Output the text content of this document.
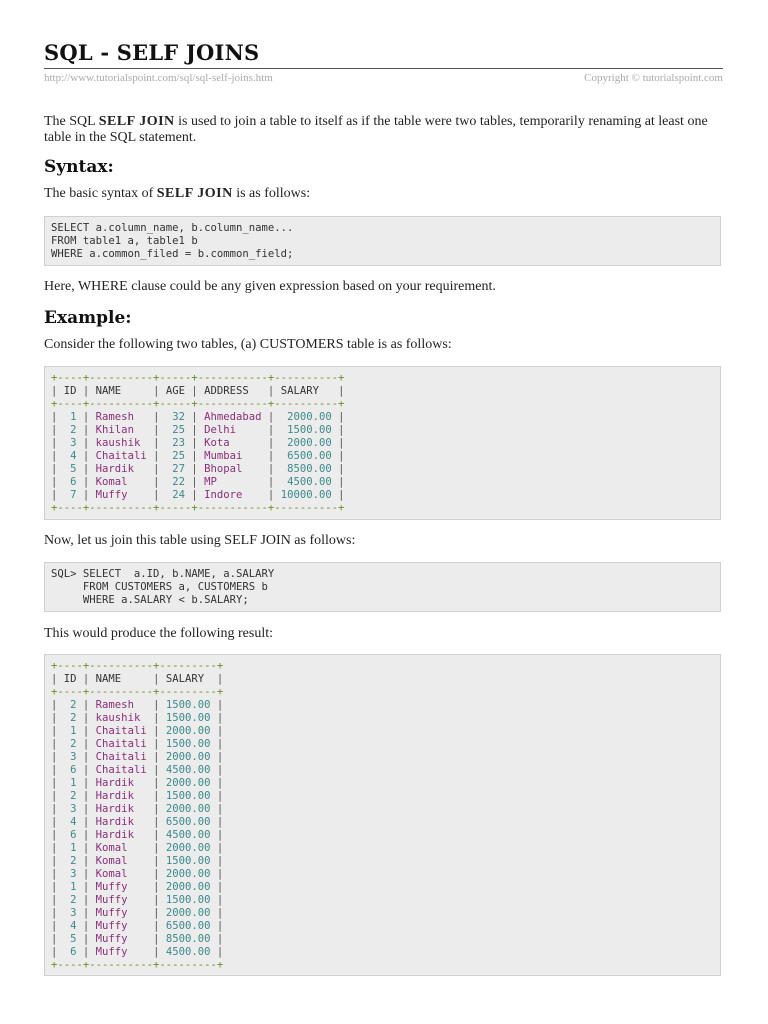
SQL - SELF JOINS
http://www.tutorialspoint.com/sql/sql-self-joins.htm	Copyright © tutorialspoint.com

The SQL SELF JOIN is used to join a table to itself as if the table were two tables, temporarily renaming at least one table in the SQL statement.

Syntax:

The basic syntax of SELF JOIN is as follows:

SELECT a.column_name, b.column_name...
FROM table1 a, table1 b
WHERE a.common_filed = b.common_field;

Here, WHERE clause could be any given expression based on your requirement.

Example:

Consider the following two tables, (a) CUSTOMERS table is as follows:

+----+----------+-----+-----------+----------+
| ID | NAME     | AGE | ADDRESS   | SALARY   |
+----+----------+-----+-----------+----------+
|  1 | Ramesh   |  32 | Ahmedabad |  2000.00 |
|  2 | Khilan   |  25 | Delhi     |  1500.00 |
|  3 | kaushik  |  23 | Kota      |  2000.00 |
|  4 | Chaitali |  25 | Mumbai    |  6500.00 |
|  5 | Hardik   |  27 | Bhopal    |  8500.00 |
|  6 | Komal    |  22 | MP        |  4500.00 |
|  7 | Muffy    |  24 | Indore    | 10000.00 |
+----+----------+-----+-----------+----------+

Now, let us join this table using SELF JOIN as follows:

SQL> SELECT  a.ID, b.NAME, a.SALARY
FROM CUSTOMERS a, CUSTOMERS b
WHERE a.SALARY < b.SALARY;

This would produce the following result:

+----+----------+---------+
| ID | NAME     | SALARY  |
+----+----------+---------+
|  2 | Ramesh   | 1500.00 |
|  2 | kaushik  | 1500.00 |
|  1 | Chaitali | 2000.00 |
|  2 | Chaitali | 1500.00 |
|  3 | Chaitali | 2000.00 |
|  6 | Chaitali | 4500.00 |
|  1 | Hardik   | 2000.00 |
|  2 | Hardik   | 1500.00 |
|  3 | Hardik   | 2000.00 |
|  4 | Hardik   | 6500.00 |
|  6 | Hardik   | 4500.00 |
|  1 | Komal    | 2000.00 |
|  2 | Komal    | 1500.00 |
|  3 | Komal    | 2000.00 |
|  1 | Muffy    | 2000.00 |
|  2 | Muffy    | 1500.00 |
|  3 | Muffy    | 2000.00 |
|  4 | Muffy    | 6500.00 |
|  5 | Muffy    | 8500.00 |
|  6 | Muffy    | 4500.00 |
+----+----------+---------+
